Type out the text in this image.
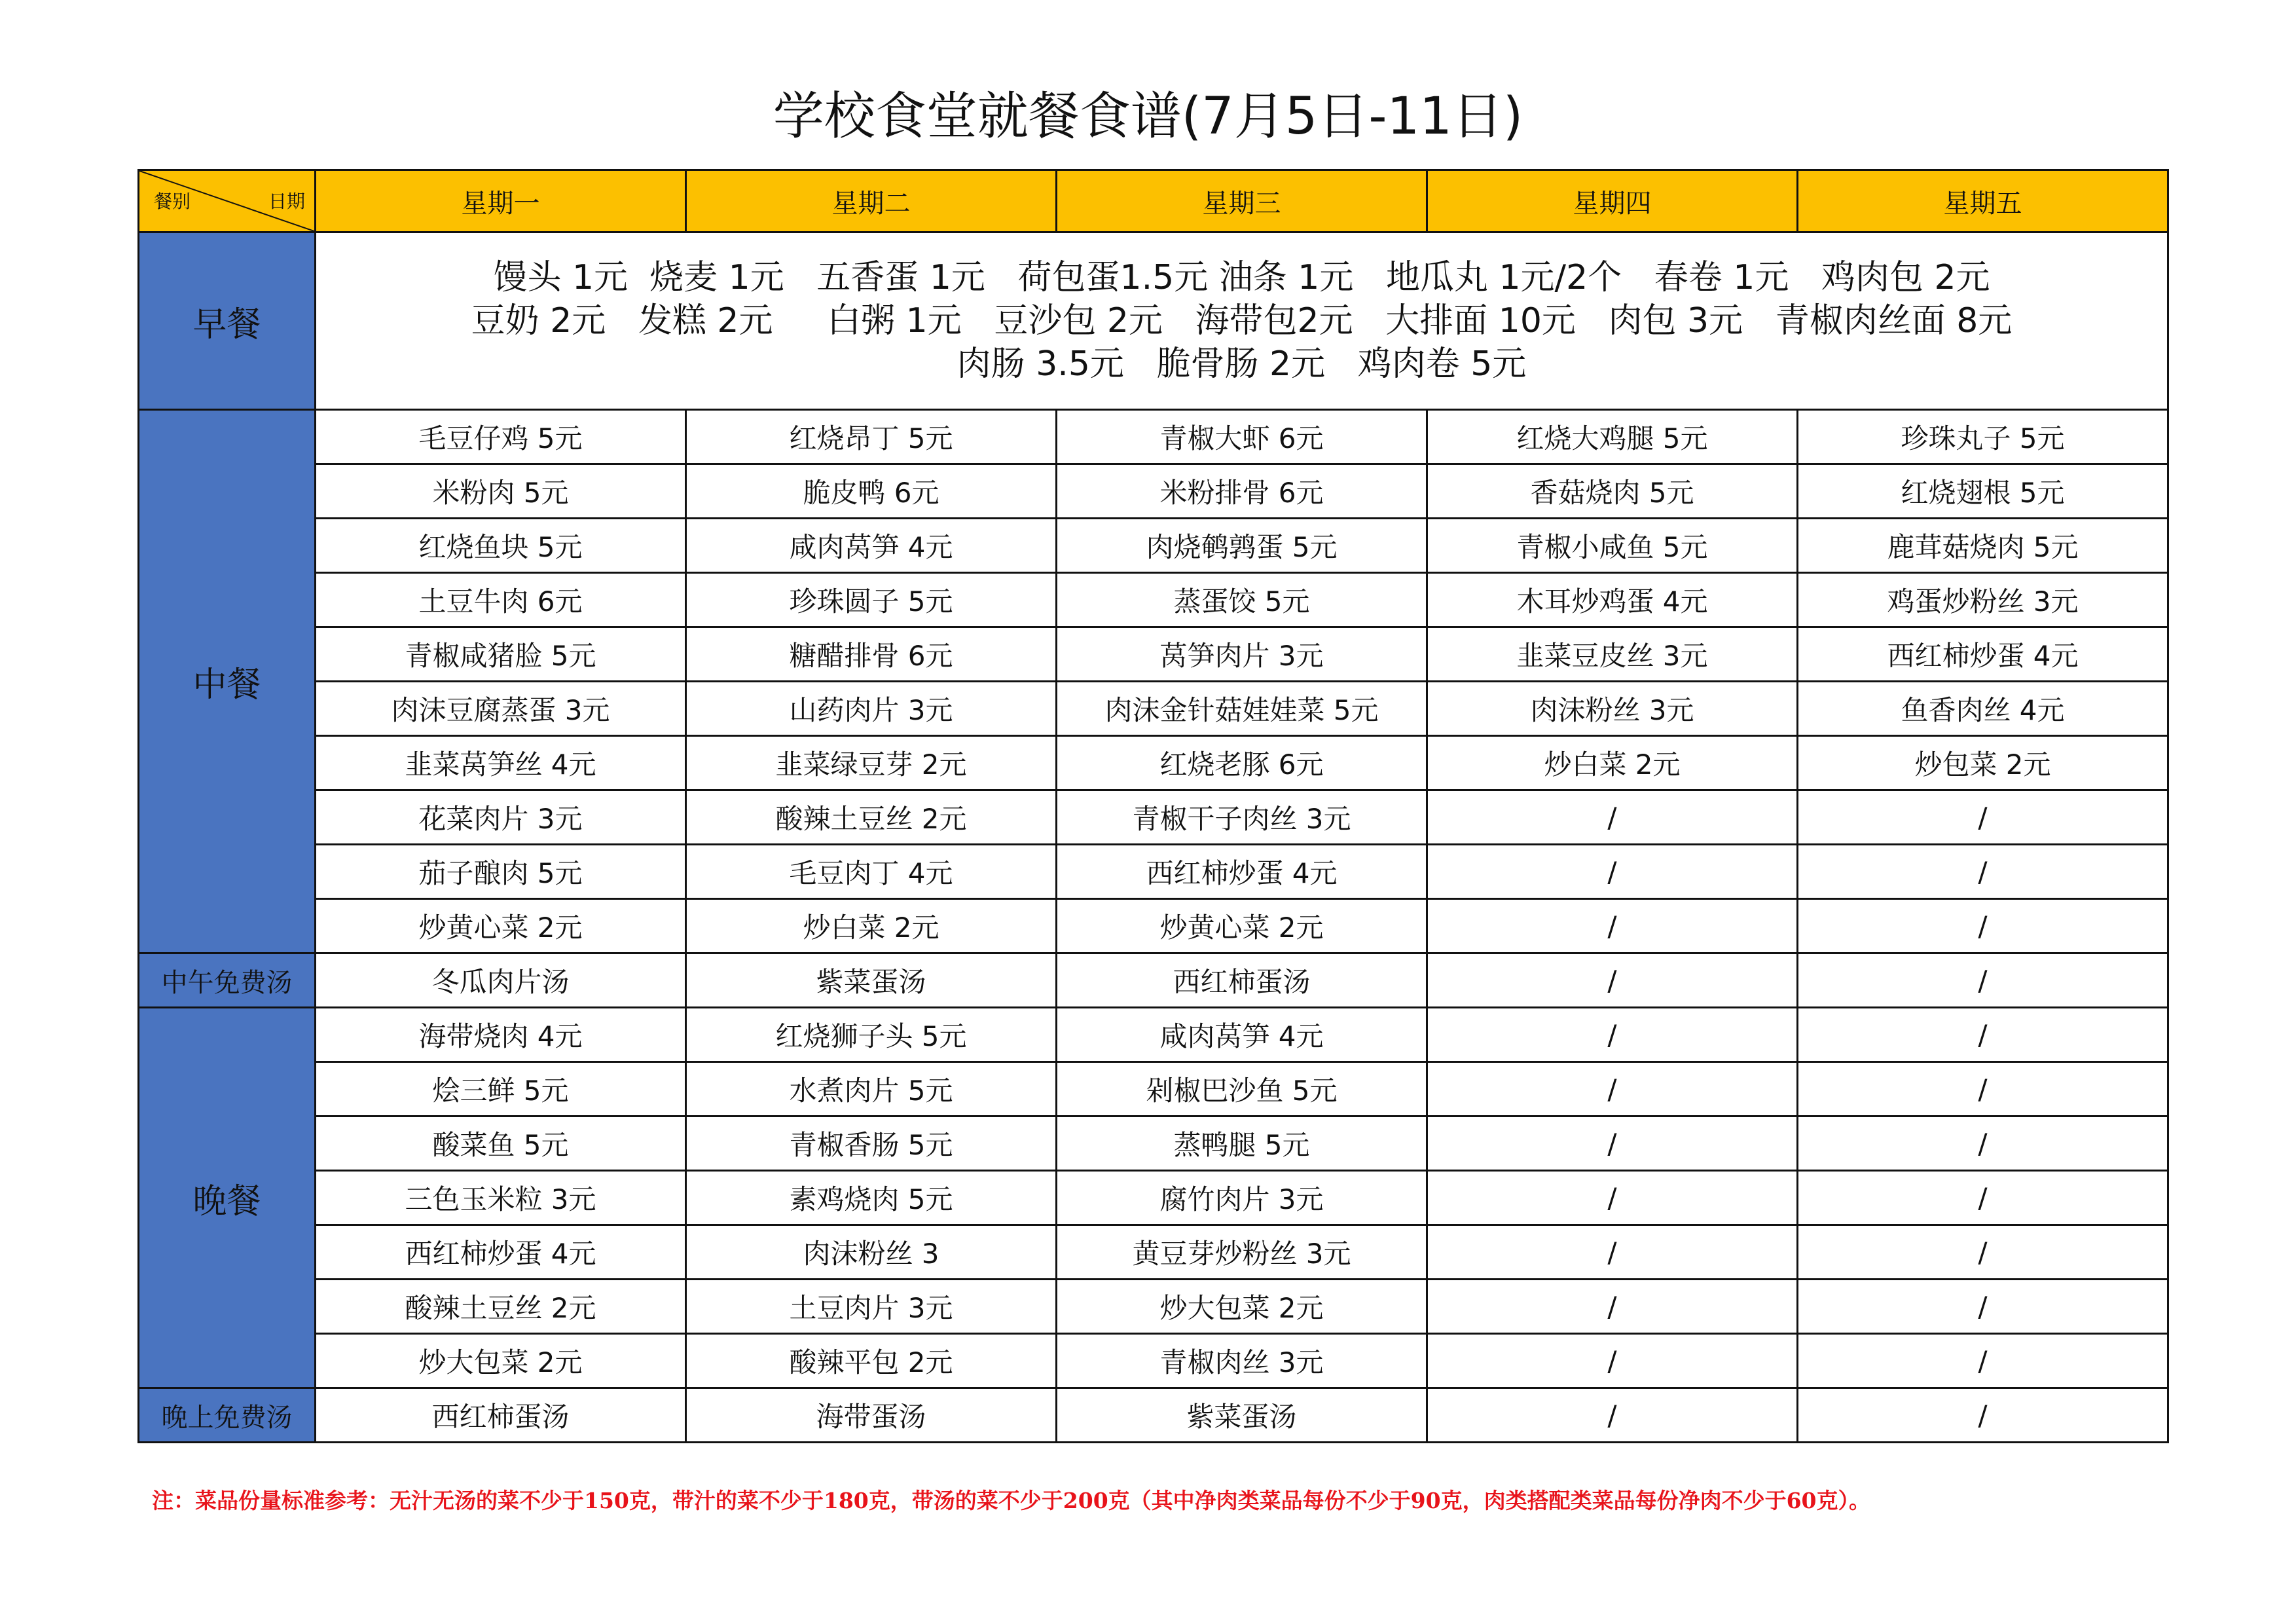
学校食堂就餐食谱(7月5日-11日)
餐别 日期	星期一	星期二	星期三	星期四	星期五
早餐	馒头 1元  烧麦 1元   五香蛋 1元   荷包蛋1.5元 油条 1元   地瓜丸 1元/2个   春卷 1元   鸡肉包 2元
豆奶 2元   发糕 2元     白粥 1元   豆沙包 2元   海带包2元   大排面 10元   肉包 3元   青椒肉丝面 8元
肉肠 3.5元   脆骨肠 2元   鸡肉卷 5元				

中餐	毛豆仔鸡 5元	红烧昂丁 5元	青椒大虾 6元	红烧大鸡腿 5元	珍珠丸子 5元
	米粉肉 5元	脆皮鸭 6元	米粉排骨 6元	香菇烧肉 5元	红烧翅根 5元
	红烧鱼块 5元	咸肉莴笋 4元	肉烧鹌鹑蛋 5元	青椒小咸鱼 5元	鹿茸菇烧肉 5元
	土豆牛肉 6元	珍珠圆子 5元	蒸蛋饺 5元	木耳炒鸡蛋 4元	鸡蛋炒粉丝 3元
	青椒咸猪脸 5元	糖醋排骨 6元	莴笋肉片 3元	韭菜豆皮丝 3元	西红柿炒蛋 4元
	肉沫豆腐蒸蛋 3元	山药肉片 3元	肉沫金针菇娃娃菜 5元	肉沫粉丝 3元	鱼香肉丝 4元
	韭菜莴笋丝 4元	韭菜绿豆芽 2元	红烧老豚 6元	炒白菜 2元	炒包菜 2元
	花菜肉片 3元	酸辣土豆丝 2元	青椒干子肉丝 3元	/	/
	茄子酿肉 5元	毛豆肉丁 4元	西红柿炒蛋 4元	/	/
	炒黄心菜 2元	炒白菜 2元	炒黄心菜 2元	/	/
中午免费汤	冬瓜肉片汤	紫菜蛋汤	西红柿蛋汤	/	/
晚餐	海带烧肉 4元	红烧狮子头 5元	咸肉莴笋 4元	/	/
	烩三鲜 5元	水煮肉片 5元	剁椒巴沙鱼 5元	/	/
	酸菜鱼 5元	青椒香肠 5元	蒸鸭腿 5元	/	/
	三色玉米粒 3元	素鸡烧肉 5元	腐竹肉片 3元	/	/
	西红柿炒蛋 4元	肉沫粉丝 3	黄豆芽炒粉丝 3元	/	/
	酸辣土豆丝 2元	土豆肉片 3元	炒大包菜 2元	/	/
	炒大包菜 2元	酸辣平包 2元	青椒肉丝 3元	/	/
晚上免费汤	西红柿蛋汤	海带蛋汤	紫菜蛋汤	/	/
注：菜品份量标准参考：无汁无汤的菜不少于150克，带汁的菜不少于180克，带汤的菜不少于200克（其中净肉类菜品每份不少于90克，肉类搭配类菜品每份净肉不少于60克）。
